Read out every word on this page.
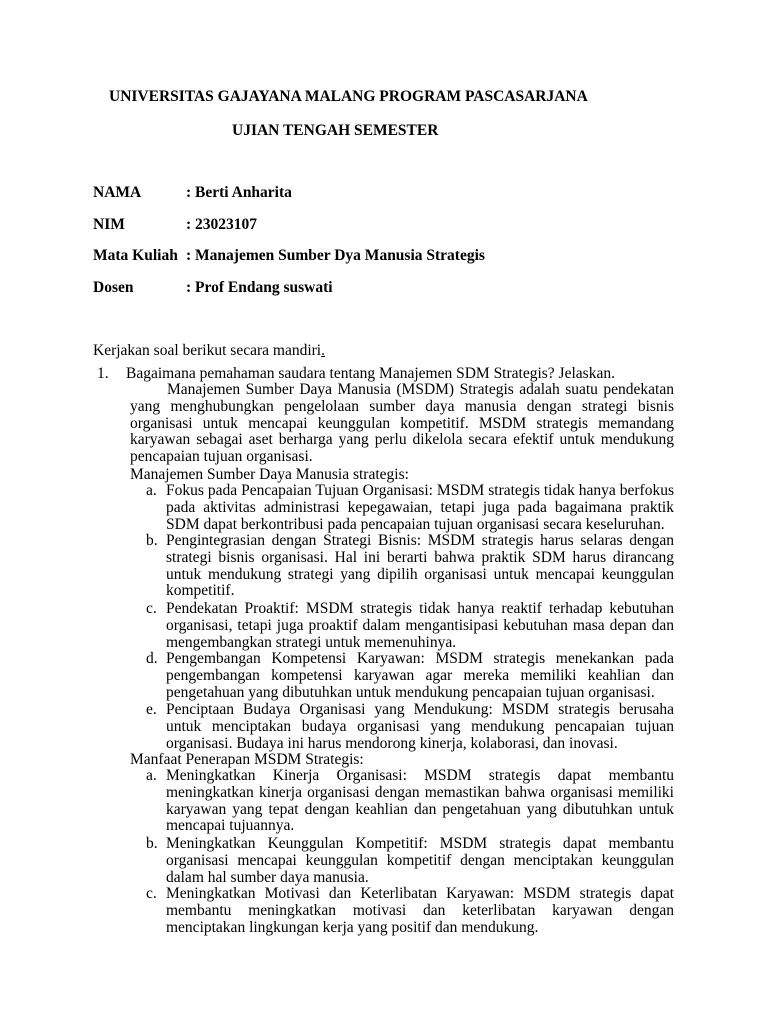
UNIVERSITAS GAJAYANA MALANG PROGRAM PASCASARJANA
UJIAN TENGAH SEMESTER
NAMA	: Berti Anharita
NIM	: 23023107
Mata Kuliah : Manajemen Sumber Dya Manusia Strategis
Dosen	: Prof Endang suswati
Kerjakan soal berikut secara mandiri.
1. Bagaimana pemahaman saudara tentang Manajemen SDM Strategis? Jelaskan.
Manajemen Sumber Daya Manusia (MSDM) Strategis adalah suatu pendekatan yang menghubungkan pengelolaan sumber daya manusia dengan strategi bisnis organisasi untuk mencapai keunggulan kompetitif. MSDM strategis memandang karyawan sebagai aset berharga yang perlu dikelola secara efektif untuk mendukung pencapaian tujuan organisasi.
Manajemen Sumber Daya Manusia strategis:
a. Fokus pada Pencapaian Tujuan Organisasi: MSDM strategis tidak hanya berfokus pada aktivitas administrasi kepegawaian, tetapi juga pada bagaimana praktik SDM dapat berkontribusi pada pencapaian tujuan organisasi secara keseluruhan.
b. Pengintegrasian dengan Strategi Bisnis: MSDM strategis harus selaras dengan strategi bisnis organisasi. Hal ini berarti bahwa praktik SDM harus dirancang untuk mendukung strategi yang dipilih organisasi untuk mencapai keunggulan kompetitif.
c. Pendekatan Proaktif: MSDM strategis tidak hanya reaktif terhadap kebutuhan organisasi, tetapi juga proaktif dalam mengantisipasi kebutuhan masa depan dan mengembangkan strategi untuk memenuhinya.
d. Pengembangan Kompetensi Karyawan: MSDM strategis menekankan pada pengembangan kompetensi karyawan agar mereka memiliki keahlian dan pengetahuan yang dibutuhkan untuk mendukung pencapaian tujuan organisasi.
e. Penciptaan Budaya Organisasi yang Mendukung: MSDM strategis berusaha untuk menciptakan budaya organisasi yang mendukung pencapaian tujuan organisasi. Budaya ini harus mendorong kinerja, kolaborasi, dan inovasi.
Manfaat Penerapan MSDM Strategis:
a. Meningkatkan Kinerja Organisasi: MSDM strategis dapat membantu meningkatkan kinerja organisasi dengan memastikan bahwa organisasi memiliki karyawan yang tepat dengan keahlian dan pengetahuan yang dibutuhkan untuk mencapai tujuannya.
b. Meningkatkan Keunggulan Kompetitif: MSDM strategis dapat membantu organisasi mencapai keunggulan kompetitif dengan menciptakan keunggulan dalam hal sumber daya manusia.
c. Meningkatkan Motivasi dan Keterlibatan Karyawan: MSDM strategis dapat membantu meningkatkan motivasi dan keterlibatan karyawan dengan menciptakan lingkungan kerja yang positif dan mendukung.
